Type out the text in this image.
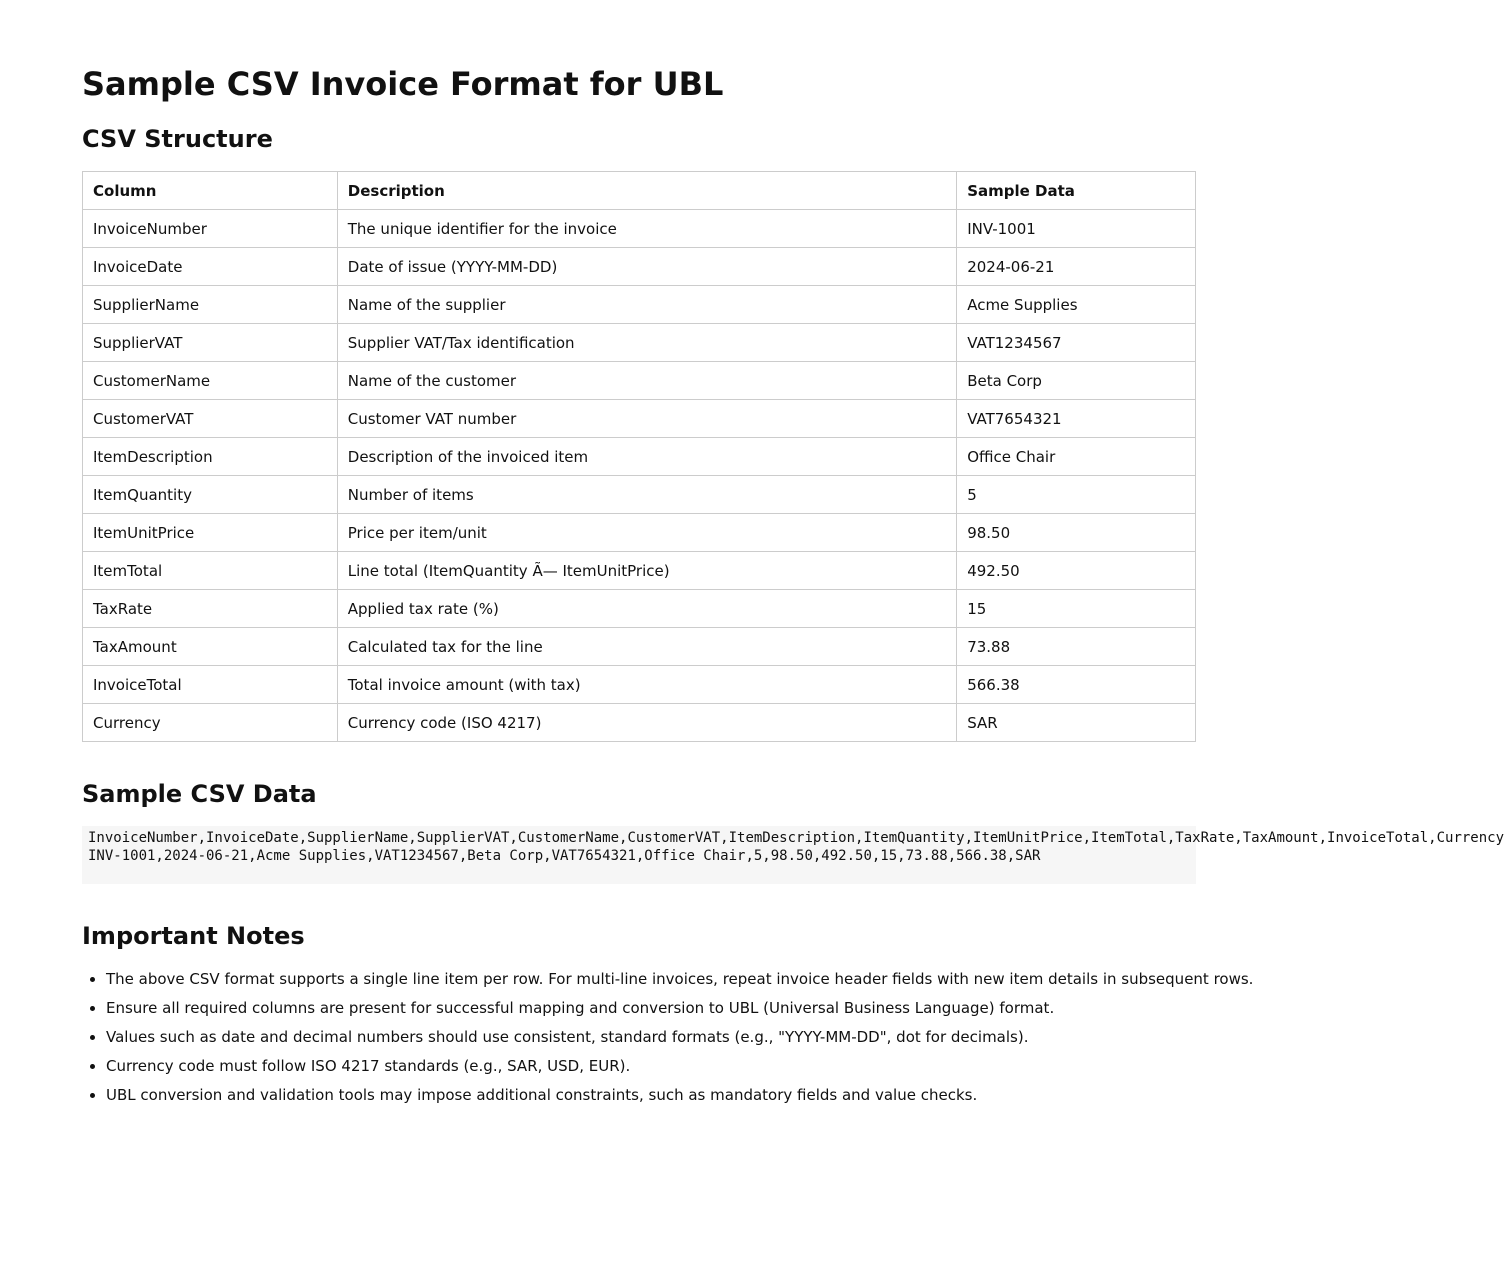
Sample CSV Invoice Format for UBL
CSV Structure
Column	Description	Sample Data
InvoiceNumber	The unique identifier for the invoice	INV-1001
InvoiceDate	Date of issue (YYYY-MM-DD)	2024-06-21
SupplierName	Name of the supplier	Acme Supplies
SupplierVAT	Supplier VAT/Tax identification	VAT1234567
CustomerName	Name of the customer	Beta Corp
CustomerVAT	Customer VAT number	VAT7654321
ItemDescription	Description of the invoiced item	Office Chair
ItemQuantity	Number of items	5
ItemUnitPrice	Price per item/unit	98.50
ItemTotal	Line total (ItemQuantity Ã— ItemUnitPrice)	492.50
TaxRate	Applied tax rate (%)	15
TaxAmount	Calculated tax for the line	73.88
InvoiceTotal	Total invoice amount (with tax)	566.38
Currency	Currency code (ISO 4217)	SAR
Sample CSV Data
Important Notes
• The above CSV format supports a single line item per row. For multi-line invoices, repeat invoice header fields with new item details in subsequent rows.
• Ensure all required columns are present for successful mapping and conversion to UBL (Universal Business Language) format.
• Values such as date and decimal numbers should use consistent, standard formats (e.g., "YYYY-MM-DD", dot for decimals).
• Currency code must follow ISO 4217 standards (e.g., SAR, USD, EUR).
• UBL conversion and validation tools may impose additional constraints, such as mandatory fields and value checks.
InvoiceNumber,InvoiceDate,SupplierName,SupplierVAT,CustomerName,CustomerVAT,ItemDescription,ItemQuantity,ItemUnitPrice,ItemTotal,TaxRate,TaxAmount,InvoiceTotal,Currency
INV-1001,2024-06-21,Acme Supplies,VAT1234567,Beta Corp,VAT7654321,Office Chair,5,98.50,492.50,15,73.88,566.38,SAR
